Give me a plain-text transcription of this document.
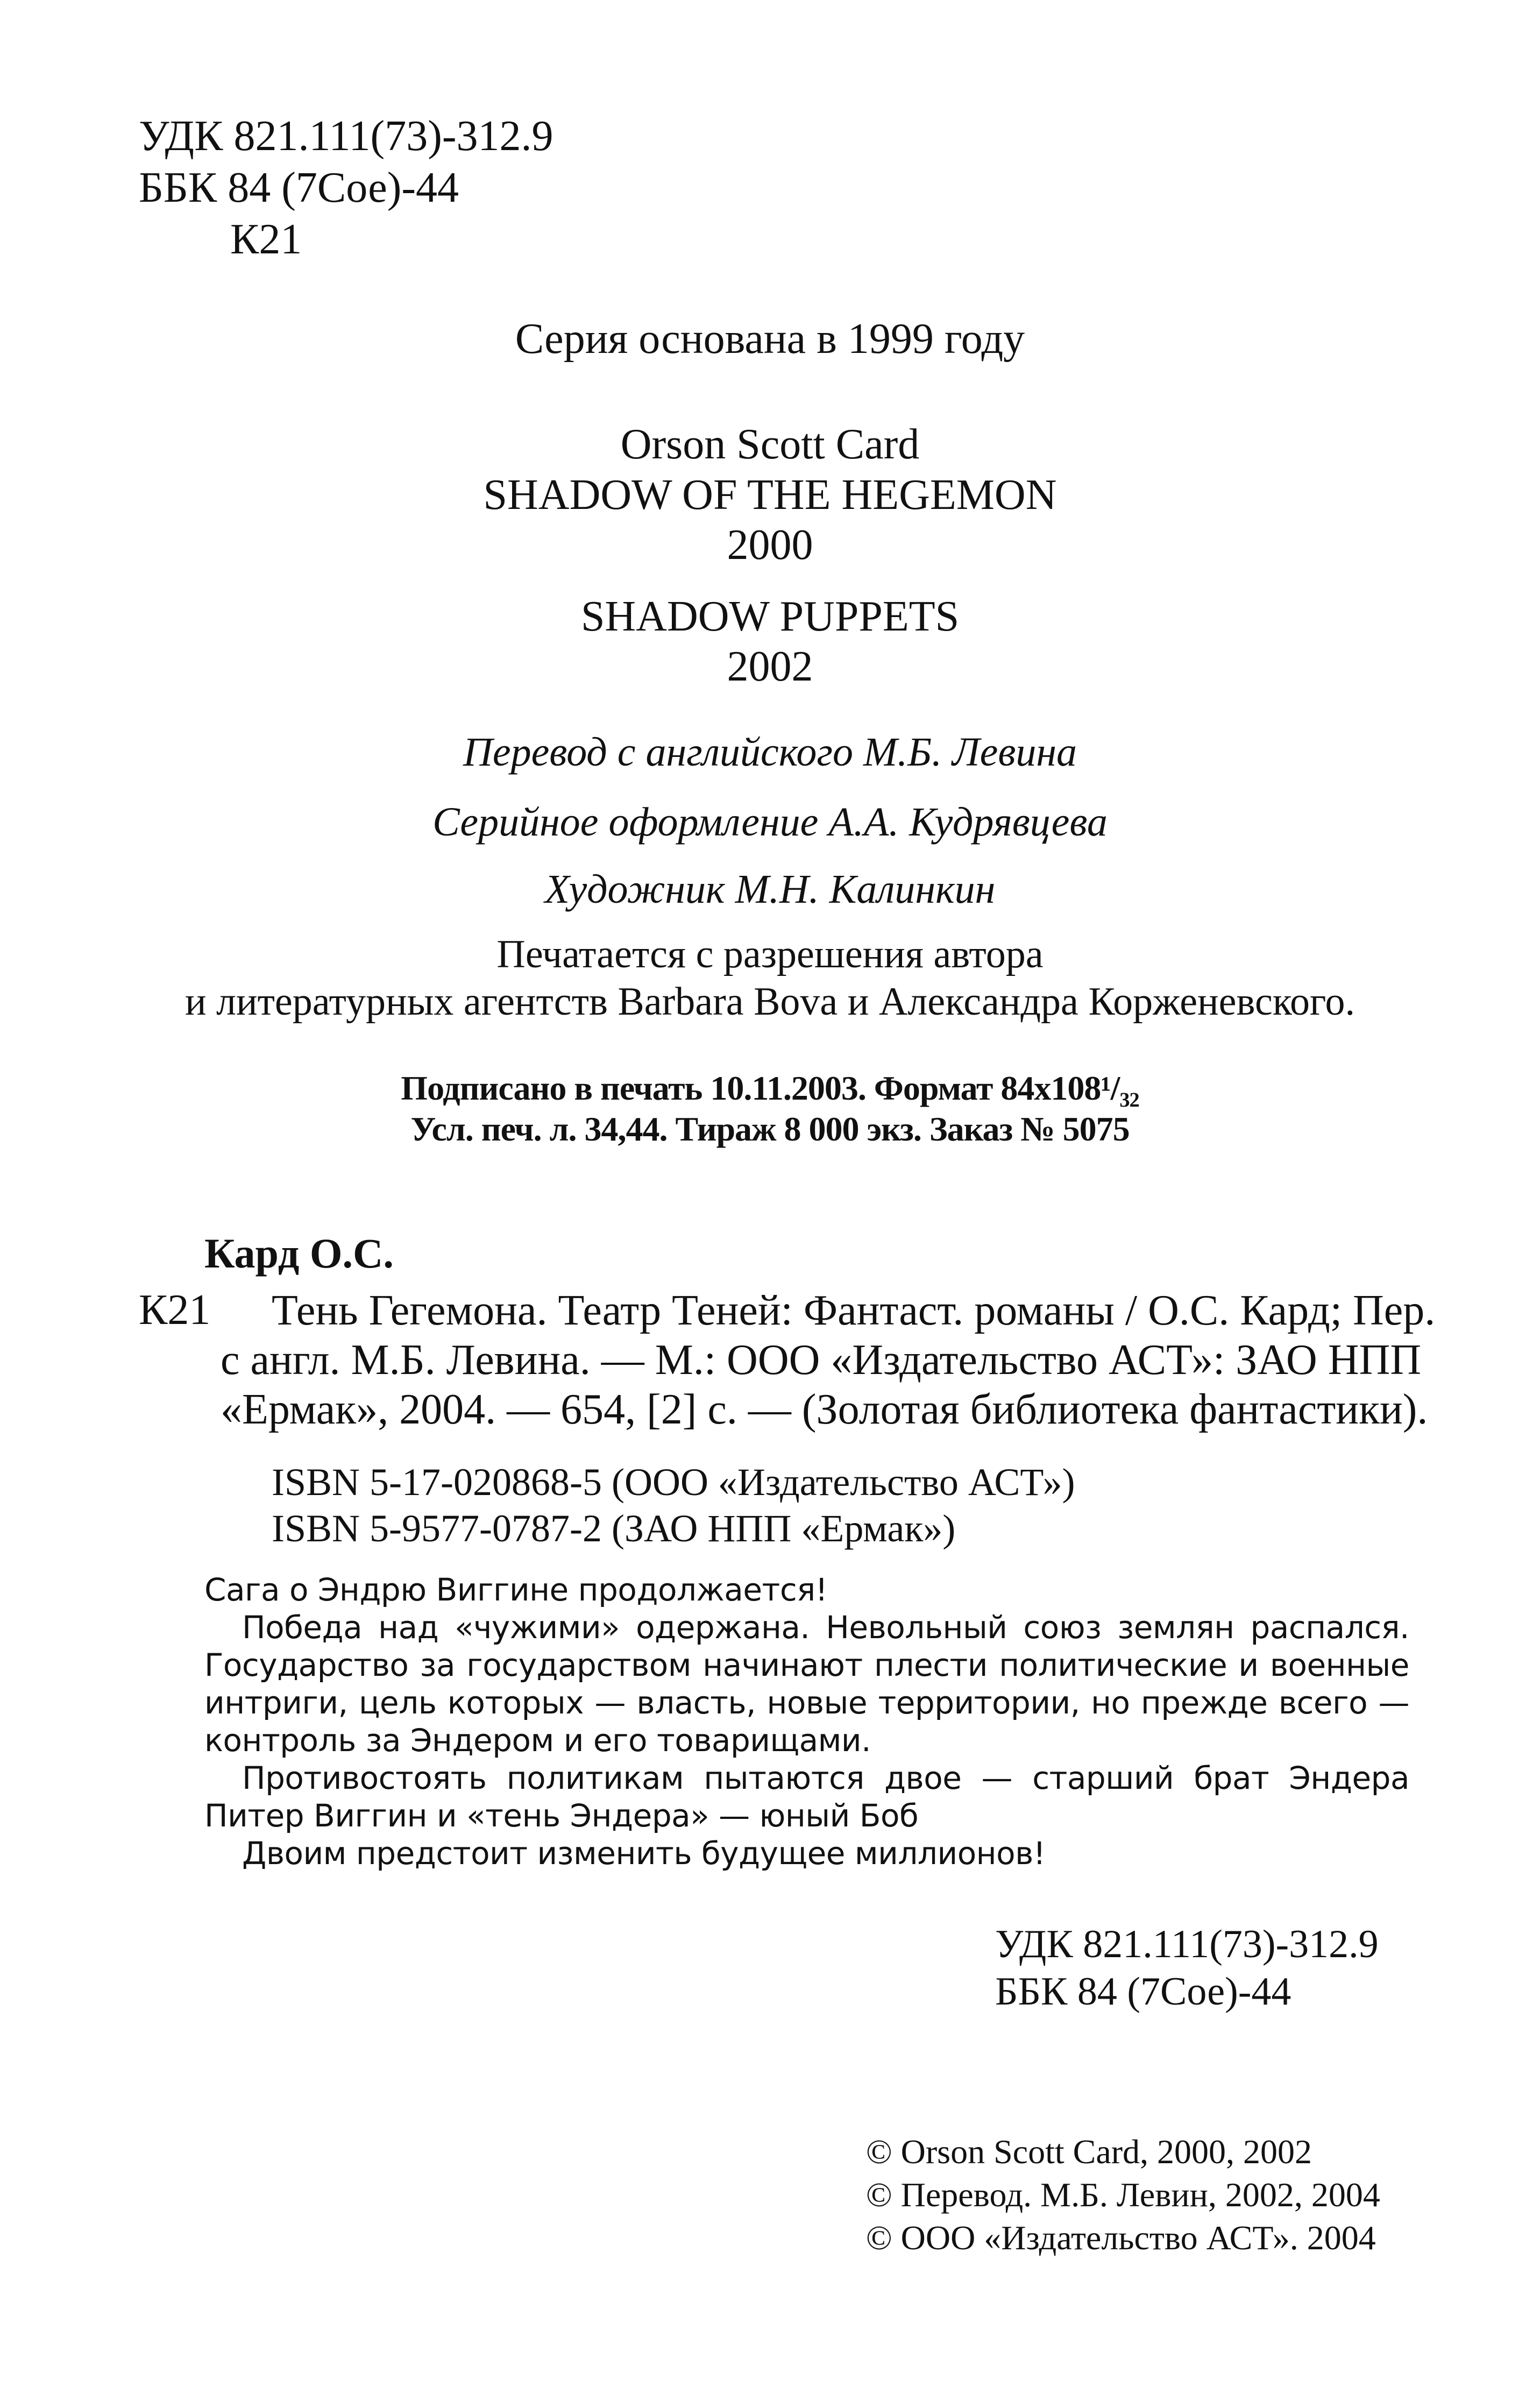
УДК 821.111(73)-312.9
ББК 84 (7Сое)-44
К21
Серия основана в 1999 году
Orson Scott Card
SHADOW OF THE HEGEMON
2000
SHADOW PUPPETS
2002
Перевод с английского М.Б. Левина
Серийное оформление А.А. Кудрявцева
Художник М.Н. Калинкин
Печатается с разрешения автора
и литературных агентств Barbara Bova и Александра Корженевского.
Подписано в печать 10.11.2003. Формат 84х108¹/₃₂
Усл. печ. л. 34,44. Тираж 8 000 экз. Заказ № 5075
Кард О.С.
К21 Тень Гегемона. Театр Теней: Фантаст. романы / О.С. Кард; Пер.
с англ. М.Б. Левина. — М.: ООО «Издательство АСТ»: ЗАО НПП
«Ермак», 2004. — 654, [2] с. — (Золотая библиотека фантастики).
ISBN 5-17-020868-5 (ООО «Издательство АСТ»)
ISBN 5-9577-0787-2 (ЗАО НПП «Ермак»)

Сага о Эндрю Виггине продолжается!

Победа над «чужими» одержана. Невольный союз землян распался. Государство за государством начинают плести политические и военные интриги, цель которых — власть, новые территории, но прежде всего — контроль за Эндером и его товарищами.

Противостоять политикам пытаются двое — старший брат Эндера Питер Виггин и «тень Эндера» — юный Боб

Двоим предстоит изменить будущее миллионов!

УДК 821.111(73)-312.9
ББК 84 (7Сое)-44
© Orson Scott Card, 2000, 2002
© Перевод. М.Б. Левин, 2002, 2004
© ООО «Издательство АСТ». 2004
